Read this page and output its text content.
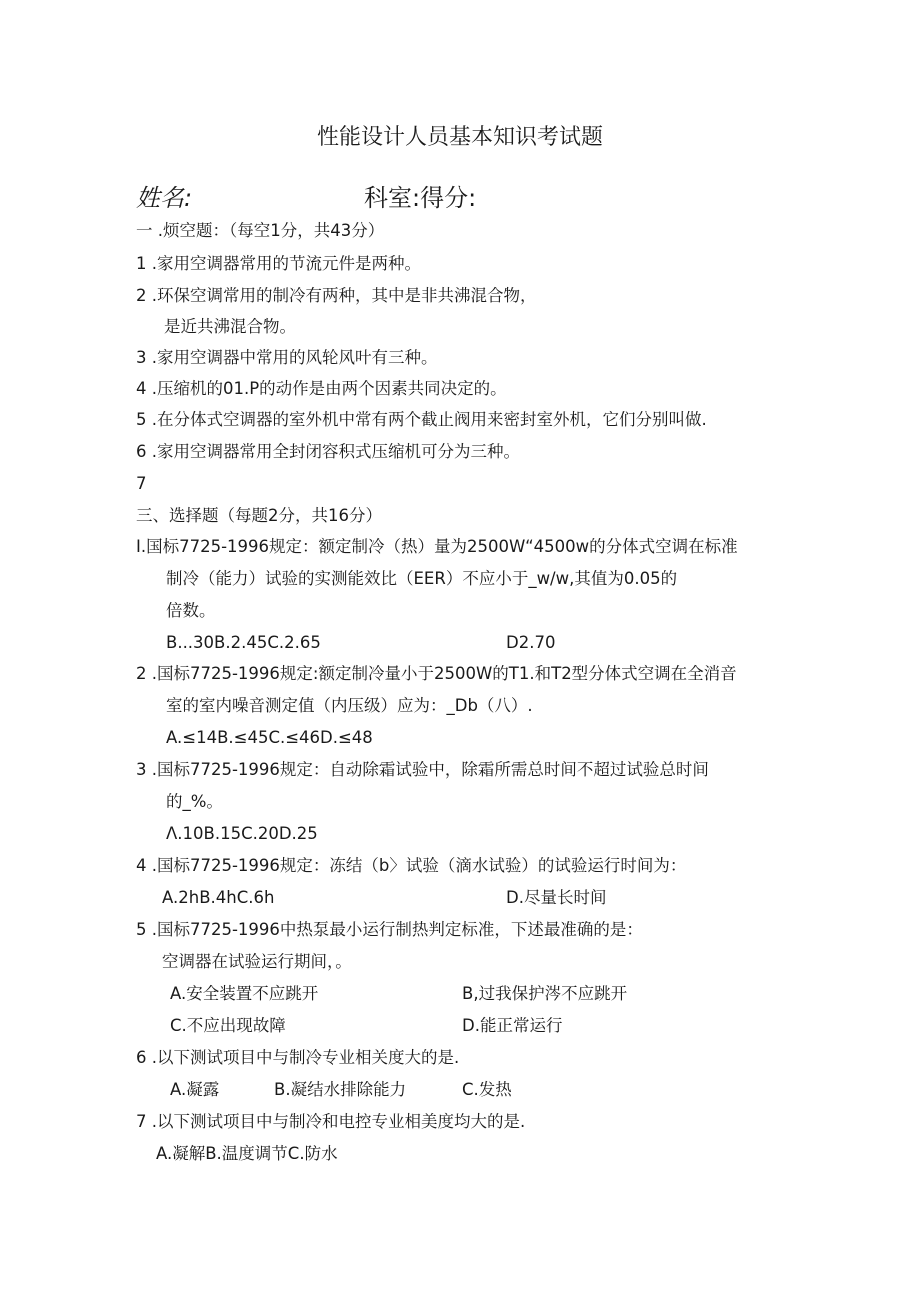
性能设计人员基本知识考试题
姓名:	科室:得分:
一 .烦空题：（每空1分，共43分）
1 .家用空调器常用的节流元件是两种。
2 .环保空调常用的制冷有两种，其中是非共沸混合物，
是近共沸混合物。
3 .家用空调器中常用的风轮风叶有三种。
4 .压缩机的01.P的动作是由两个因素共同决定的。
5 .在分体式空调器的室外机中常有两个截止阀用来密封室外机，它们分别叫做.
6 .家用空调器常用全封闭容积式压缩机可分为三种。
7
三、选择题（每题2分，共16分）
I.国标7725-1996规定：额定制冷（热）量为2500W“4500w的分体式空调在标准
制冷（能力）试验的实测能效比（EER）不应小于_w/w,其值为0.05的
倍数。
B...30B.2.45C.2.65	D2.70
2 .国标7725-1996规定:额定制冷量小于2500W的T1.和T2型分体式空调在全消音
室的室内噪音测定值（内压级）应为：_Db（八）.
A.≤14B.≤45C.≤46D.≤48
3 .国标7725-1996规定：自动除霜试验中，除霜所需总时间不超过试验总时间
的_%。
Λ.10B.15C.20D.25
4 .国标7725-1996规定：冻结（b〉试验（滴水试验）的试验运行时间为：
A.2hB.4hC.6h	D.尽量长时间
5 .国标7725-1996中热泵最小运行制热判定标准，下述最准确的是：
空调器在试验运行期间，。
A.安全装置不应跳开	B,过我保护涔不应跳开
C.不应出现故障	D.能正常运行
6 .以下测试项目中与制冷专业相关度大的是.
A.凝露	B.凝结水排除能力	C.发热
7 .以下测试项目中与制冷和电控专业相美度均大的是.
A.凝解B.温度调节C.防水
